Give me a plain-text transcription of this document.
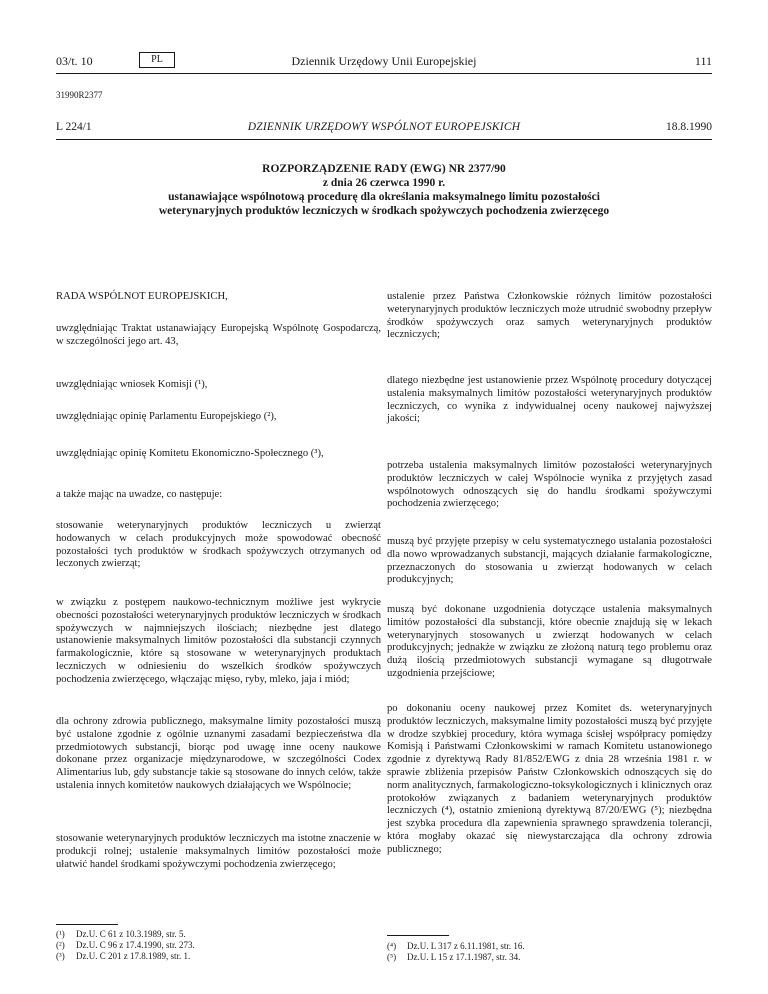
03/t. 10	PL	Dziennik Urzędowy Unii Europejskiej	111
31990R2377
L 224/1	DZIENNIK URZĘDOWY WSPÓLNOT EUROPEJSKICH	18.8.1990
ROZPORZĄDZENIE RADY (EWG) NR 2377/90
z dnia 26 czerwca 1990 r.
ustanawiające wspólnotową procedurę dla określania maksymalnego limitu pozostałości
weterynaryjnych produktów leczniczych w środkach spożywczych pochodzenia zwierzęcego

RADA WSPÓLNOT EUROPEJSKICH,

uwzględniając Traktat ustanawiający Europejską Wspólnotę Gospodarczą, w szczególności jego art. 43,

uwzględniając wniosek Komisji (¹),

uwzględniając opinię Parlamentu Europejskiego (²),

uwzględniając opinię Komitetu Ekonomiczno-Społecznego (³),

a także mając na uwadze, co następuje:

stosowanie weterynaryjnych produktów leczniczych u zwierząt hodowanych w celach produkcyjnych może spowodować obecność pozostałości tych produktów w środkach spożywczych otrzymanych od leczonych zwierząt;

w związku z postępem naukowo-technicznym możliwe jest wykrycie obecności pozostałości weterynaryjnych produktów leczniczych w środkach spożywczych w najmniejszych ilościach; niezbędne jest dlatego ustanowienie maksymalnych limitów pozostałości dla substancji czynnych farmakologicznie, które są stosowane w weterynaryjnych produktach leczniczych w odniesieniu do wszelkich środków spożywczych pochodzenia zwierzęcego, włączając mięso, ryby, mleko, jaja i miód;

dla ochrony zdrowia publicznego, maksymalne limity pozostałości muszą być ustalone zgodnie z ogólnie uznanymi zasadami bezpieczeństwa dla przedmiotowych substancji, biorąc pod uwagę inne oceny naukowe dokonane przez organizacje międzynarodowe, w szczególności Codex Alimentarius lub, gdy substancje takie są stosowane do innych celów, także ustalenia innych komitetów naukowych działających we Wspólnocie;

stosowanie weterynaryjnych produktów leczniczych ma istotne znaczenie w produkcji rolnej; ustalenie maksymalnych limitów pozostałości może ułatwić handel środkami spożywczymi pochodzenia zwierzęcego;

ustalenie przez Państwa Członkowskie różnych limitów pozostałości weterynaryjnych produktów leczniczych może utrudnić swobodny przepływ środków spożywczych oraz samych weterynaryjnych produktów leczniczych;

dlatego niezbędne jest ustanowienie przez Wspólnotę procedury dotyczącej ustalenia maksymalnych limitów pozostałości weterynaryjnych produktów leczniczych, co wynika z indywidualnej oceny naukowej najwyższej jakości;

potrzeba ustalenia maksymalnych limitów pozostałości weterynaryjnych produktów leczniczych w całej Wspólnocie wynika z przyjętych zasad wspólnotowych odnoszących się do handlu środkami spożywczymi pochodzenia zwierzęcego;

muszą być przyjęte przepisy w celu systematycznego ustalania pozostałości dla nowo wprowadzanych substancji, mających działanie farmakologiczne, przeznaczonych do stosowania u zwierząt hodowanych w celach produkcyjnych;

muszą być dokonane uzgodnienia dotyczące ustalenia maksymalnych limitów pozostałości dla substancji, które obecnie znajdują się w lekach weterynaryjnych stosowanych u zwierząt hodowanych w celach produkcyjnych; jednakże w związku ze złożoną naturą tego problemu oraz dużą ilością przedmiotowych substancji wymagane są długotrwałe uzgodnienia przejściowe;

po dokonaniu oceny naukowej przez Komitet ds. weterynaryjnych produktów leczniczych, maksymalne limity pozostałości muszą być przyjęte w drodze szybkiej procedury, która wymaga ścisłej współpracy pomiędzy Komisją i Państwami Członkowskimi w ramach Komitetu ustanowionego zgodnie z dyrektywą Rady 81/852/EWG z dnia 28 września 1981 r. w sprawie zbliżenia przepisów Państw Członkowskich odnoszących się do norm analitycznych, farmakologiczno-toksykologicznych i klinicznych oraz protokołów związanych z badaniem weterynaryjnych produktów leczniczych (⁴), ostatnio zmienioną dyrektywą 87/20/EWG (⁵); niezbędna jest szybka procedura dla zapewnienia sprawnego sprawdzenia tolerancji, która mogłaby okazać się niewystarczająca dla ochrony zdrowia publicznego;

(¹)	Dz.U. C 61 z 10.3.1989, str. 5.
(²)	Dz.U. C 96 z 17.4.1990, str. 273.
(³)	Dz.U. C 201 z 17.8.1989, str. 1.
(⁴)	Dz.U. L 317 z 6.11.1981, str. 16.
(⁵)	Dz.U. L 15 z 17.1.1987, str. 34.
